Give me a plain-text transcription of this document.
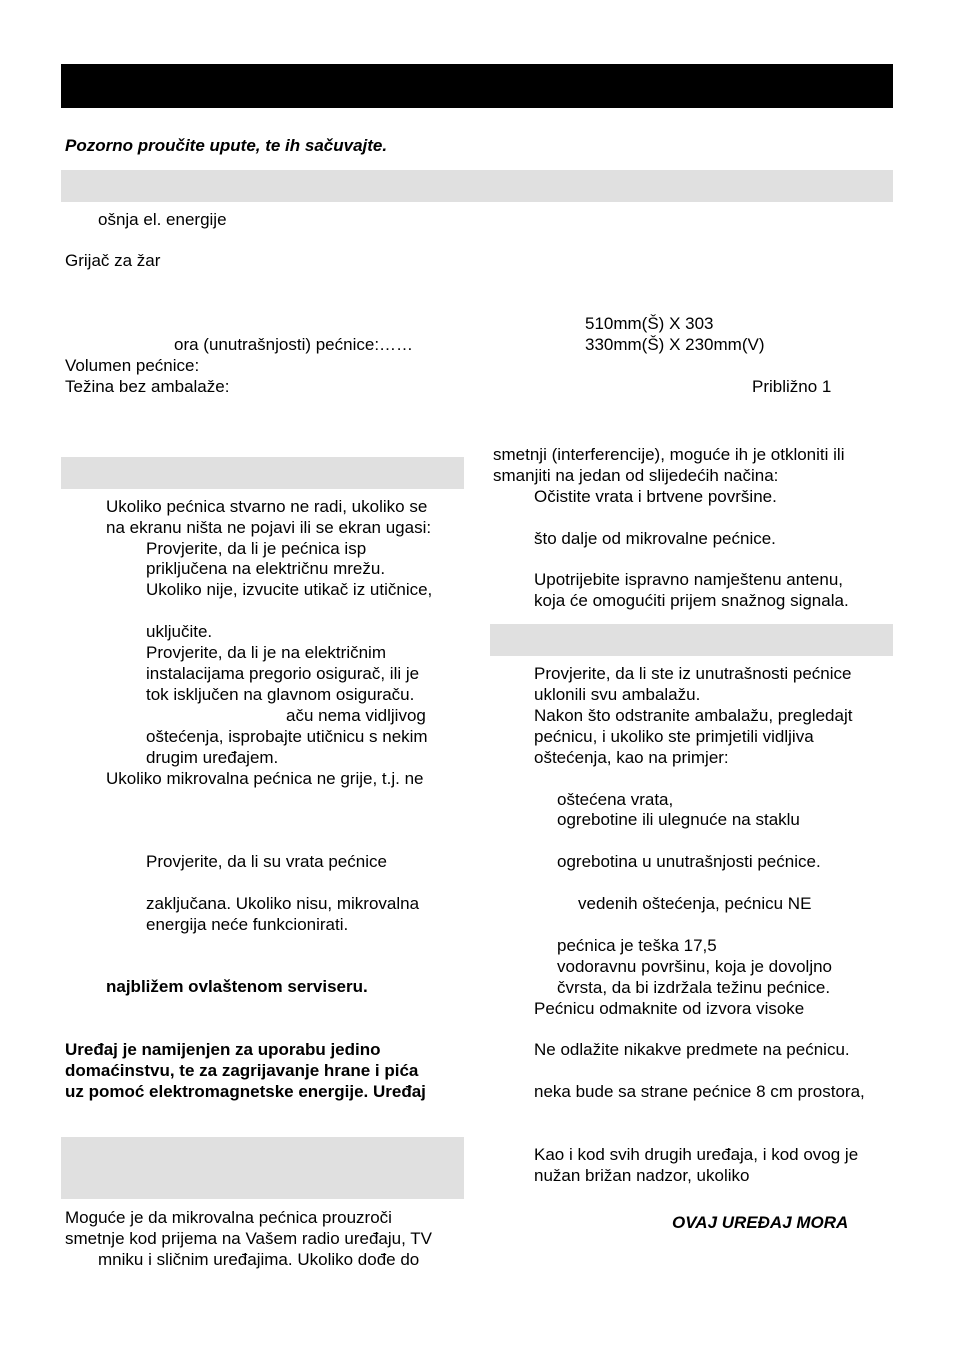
Pozorno proučite upute, te ih sačuvajte.
ošnja el. energije
Grijač za žar
510mm(Š) X 303
ora (unutrašnjosti) pećnice:……	330mm(Š) X 230mm(V)
Volumen pećnice:
Težina bez ambalaže:	Približno 1
Ukoliko pećnica stvarno ne radi, ukoliko se
na ekranu ništa ne pojavi ili se ekran ugasi:
Provjerite, da li je pećnica isp
priključena na električnu mrežu.
Ukoliko nije, izvucite utikač iz utičnice,
uključite.
Provjerite, da li je na električnim
instalacijama pregorio osigurač, ili je
tok isključen na glavnom osiguraču.
aču nema vidljivog
oštećenja, isprobajte utičnicu s nekim
drugim uređajem.
Ukoliko mikrovalna pećnica ne grije, t.j. ne
Provjerite, da li su vrata pećnice
zaključana. Ukoliko nisu, mikrovalna
energija neće funkcionirati.
najbližem ovlaštenom serviseru.
Uređaj je namijenjen za uporabu jedino
domaćinstvu, te za zagrijavanje hrane i pića
uz pomoć elektromagnetske energije. Uređaj
Moguće je da mikrovalna pećnica prouzroči
smetnje kod prijema na Vašem radio uređaju, TV
mniku i sličnim uređajima. Ukoliko dođe do
smetnji (interferencije), moguće ih je otkloniti ili
smanjiti na jedan od slijedećih načina:
Očistite vrata i brtvene površine.
što dalje od mikrovalne pećnice.
Upotrijebite ispravno namještenu antenu,
koja će omogućiti prijem snažnog signala.
Provjerite, da li ste iz unutrašnosti pećnice
uklonili svu ambalažu.
Nakon što odstranite ambalažu, pregledajt
pećnicu, i ukoliko ste primjetili vidljiva
oštećenja, kao na primjer:
oštećena vrata,
ogrebotine ili ulegnuće na staklu
ogrebotina u unutrašnjosti pećnice.
vedenih oštećenja, pećnicu NE
pećnica je teška 17,5
vodoravnu površinu, koja je dovoljno
čvrsta, da bi izdržala težinu pećnice.
Pećnicu odmaknite od izvora visoke
Ne odlažite nikakve predmete na pećnicu.
neka bude sa strane pećnice 8 cm prostora,
Kao i kod svih drugih uređaja, i kod ovog je
nužan brižan nadzor, ukoliko
OVAJ UREĐAJ MORA
